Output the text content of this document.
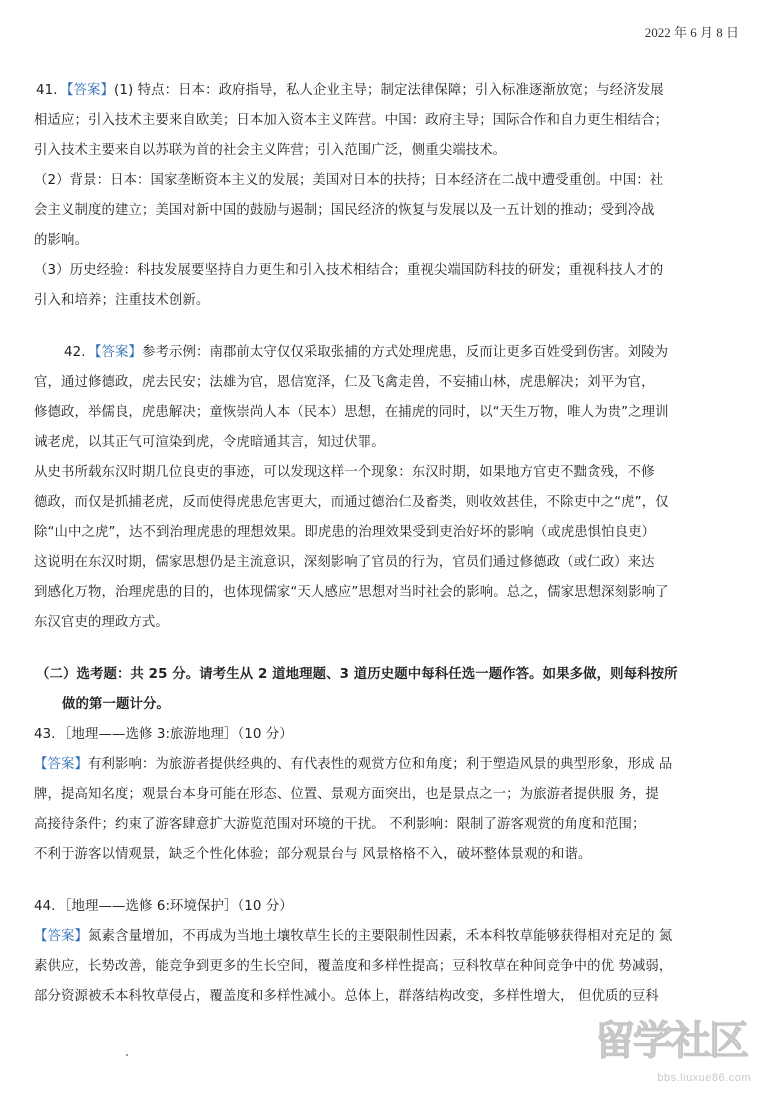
2022 年 6 月 8 日
41．【答案】(1) 特点：日本：政府指导，私人企业主导；制定法律保障；引入标准逐渐放宽；与经济发展
相适应；引入技术主要来自欧美；日本加入资本主义阵营。中国：政府主导；国际合作和自力更生相结合；
引入技术主要来自以苏联为首的社会主义阵营；引入范围广泛，侧重尖端技术。
（2）背景：日本：国家垄断资本主义的发展；美国对日本的扶持；日本经济在二战中遭受重创。中国：社
会主义制度的建立；美国对新中国的鼓励与遏制；国民经济的恢复与发展以及一五计划的推动；受到冷战
的影响。
（3）历史经验：科技发展要坚持自力更生和引入技术相结合；重视尖端国防科技的研发；重视科技人才的
引入和培养；注重技术创新。
42．【答案】参考示例：南郡前太守仅仅采取张捕的方式处理虎患，反而让更多百姓受到伤害。刘陵为
官，通过修德政，虎去民安；法雄为官，恩信宽泽，仁及飞禽走兽，不妄捕山林，虎患解决；刘平为官，
修德政，举儒良，虎患解决；童恢崇尚人本（民本）思想，在捕虎的同时，以“天生万物，唯人为贵”之理训
诫老虎，以其正气可渲染到虎，令虎暗通其言，知过伏罪。
从史书所载东汉时期几位良吏的事迹，可以发现这样一个现象：东汉时期，如果地方官吏不黜贪残，不修
德政，而仅是抓捕老虎，反而使得虎患危害更大，而通过德治仁及畜类，则收效甚佳，不除吏中之“虎”，仅
除“山中之虎”，达不到治理虎患的理想效果。即虎患的治理效果受到吏治好坏的影响（或虎患惧怕良吏）
这说明在东汉时期，儒家思想仍是主流意识，深刻影响了官员的行为，官员们通过修德政（或仁政）来达
到感化万物，治理虎患的目的，也体现儒家“天人感应”思想对当时社会的影响。总之，儒家思想深刻影响了
东汉官吏的理政方式。
（二）选考题：共 25 分。请考生从 2 道地理题、3 道历史题中每科任选一题作答。如果多做，则每科按所
做的第一题计分。
43．［地理——选修 3:旅游地理］（10 分）
【答案】有利影响：为旅游者提供经典的、有代表性的观赏方位和角度；利于塑造风景的典型形象，形成 品
牌，提高知名度；观景台本身可能在形态、位置、景观方面突出，也是景点之一；为旅游者提供服 务，提
高接待条件；约束了游客肆意扩大游览范围对环境的干扰。 不利影响：限制了游客观赏的角度和范围；
不利于游客以情观景，缺乏个性化体验；部分观景台与 风景格格不入，破坏整体景观的和谐。
44．［地理——选修 6:环境保护］（10 分）
【答案】氮素含量增加，不再成为当地土壤牧草生长的主要限制性因素，禾本科牧草能够获得相对充足的 氮
素供应，长势改善，能竞争到更多的生长空间，覆盖度和多样性提高；豆科牧草在种间竞争中的优 势减弱，
部分资源被禾本科牧草侵占，覆盖度和多样性减小。总体上，群落结构改变，多样性增大， 但优质的豆科
留学社区
bbs.liuxue86.com
